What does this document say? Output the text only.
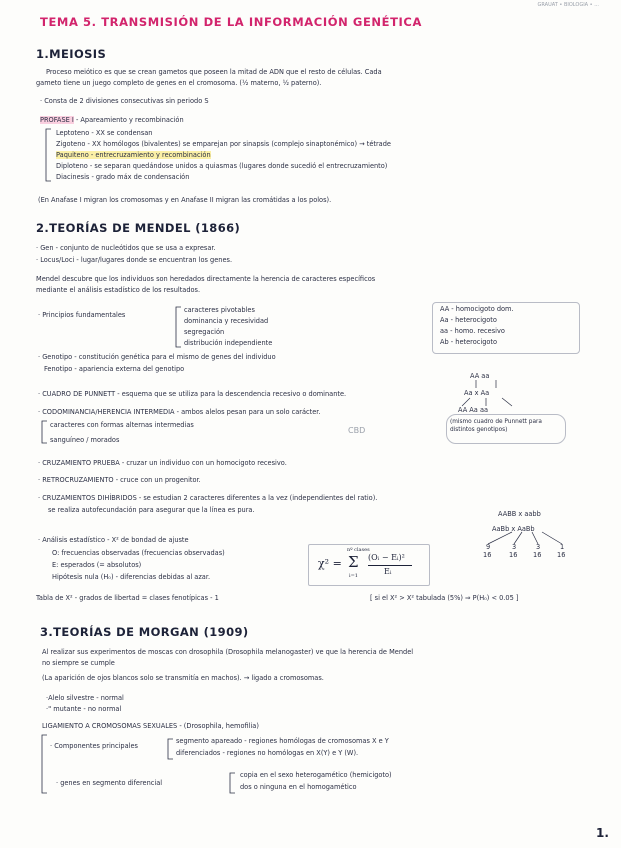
GRAUAT • BIOLOGIA • ...
TEMA 5. TRANSMISIÓN DE LA INFORMACIÓN GENÉTICA
1.MEIOSIS
Proceso meiótico es que se crean gametos que poseen la mitad de ADN que el resto de células. Cada
gameto tiene un juego completo de genes en el cromosoma. (½ materno, ½ paterno).
· Consta de 2 divisiones consecutivas sin periodo S
PROFASE I - Apareamiento y recombinación
Leptoteno - XX se condensan
Zigoteno - XX homólogos (bivalentes) se emparejan por sinapsis (complejo sinaptonémico) → tétrade
Paquiteno - entrecruzamiento y recombinación
Diploteno - se separan quedándose unidos a quiasmas (lugares donde sucedió el entrecruzamiento)
Diacinesis - grado máx de condensación
(En Anafase I migran los cromosomas y en Anafase II migran las cromátidas a los polos).
2.TEORÍAS DE MENDEL (1866)
· Gen - conjunto de nucleótidos que se usa a expresar.
· Locus/Loci - lugar/lugares donde se encuentran los genes.
Mendel descubre que los individuos son heredados directamente la herencia de caracteres específicos
mediante el análisis estadístico de los resultados.
· Principios fundamentales
caracteres pivotables
dominancia y recesividad
segregación
distribución independiente
AA - homocigoto dom.
Aa - heterocigoto
aa - homo. recesivo
Ab - heterocigoto
· Genotipo - constitución genética para el mismo de genes del individuo
Fenotipo - apariencia externa del genotipo
AA aa
Aa x Aa
AA Aa aa
(mismo cuadro de Punnett para distintos genotipos)
· CUADRO DE PUNNETT - esquema que se utiliza para la descendencia recesivo o dominante.
· CODOMINANCIA/HERENCIA INTERMEDIA - ambos alelos pesan para un solo carácter.
caracteres con formas alternas intermedias
sanguíneo / morados
CBD
· CRUZAMIENTO PRUEBA - cruzar un individuo con un homocigoto recesivo.
· RETROCRUZAMIENTO - cruce con un progenitor.
· CRUZAMIENTOS DIHÍBRIDOS - se estudian 2 caracteres diferentes a la vez (independientes del ratio).
se realiza autofecundación para asegurar que la línea es pura.	AABB x aabb
AaBb x AaBb
9	3	3	1
16	16 16 16
· Análisis estadístico - X² de bondad de ajuste
O: frecuencias observadas (frecuencias observadas)
E: esperados (= absolutos)
Hipótesis nula (H₀) - diferencias debidas al azar.
χ² =
nº clases
Σ
i=1
(Oᵢ − Eᵢ)²
Eᵢ
Tabla de X² - grados de libertad = clases fenotípicas - 1	[ si el X² > X² tabulada (5%) ⇒ P(H₀) < 0.05 ]
3.TEORÍAS DE MORGAN (1909)
Al realizar sus experimentos de moscas con drosophila (Drosophila melanogaster) ve que la herencia de Mendel
no siempre se cumple
(La aparición de ojos blancos solo se transmitía en machos). → ligado a cromosomas.
·Alelo silvestre - normal
·" mutante - no normal
LIGAMIENTO A CROMOSOMAS SEXUALES - (Drosophila, hemofilia)
· Componentes principales
segmento apareado - regiones homólogas de cromosomas X e Y
diferenciados - regiones no homólogas en X(Y) e Y (W).
· genes en segmento diferencial
copia en el sexo heterogamético (hemicigoto)
dos o ninguna en el homogamético
1.
